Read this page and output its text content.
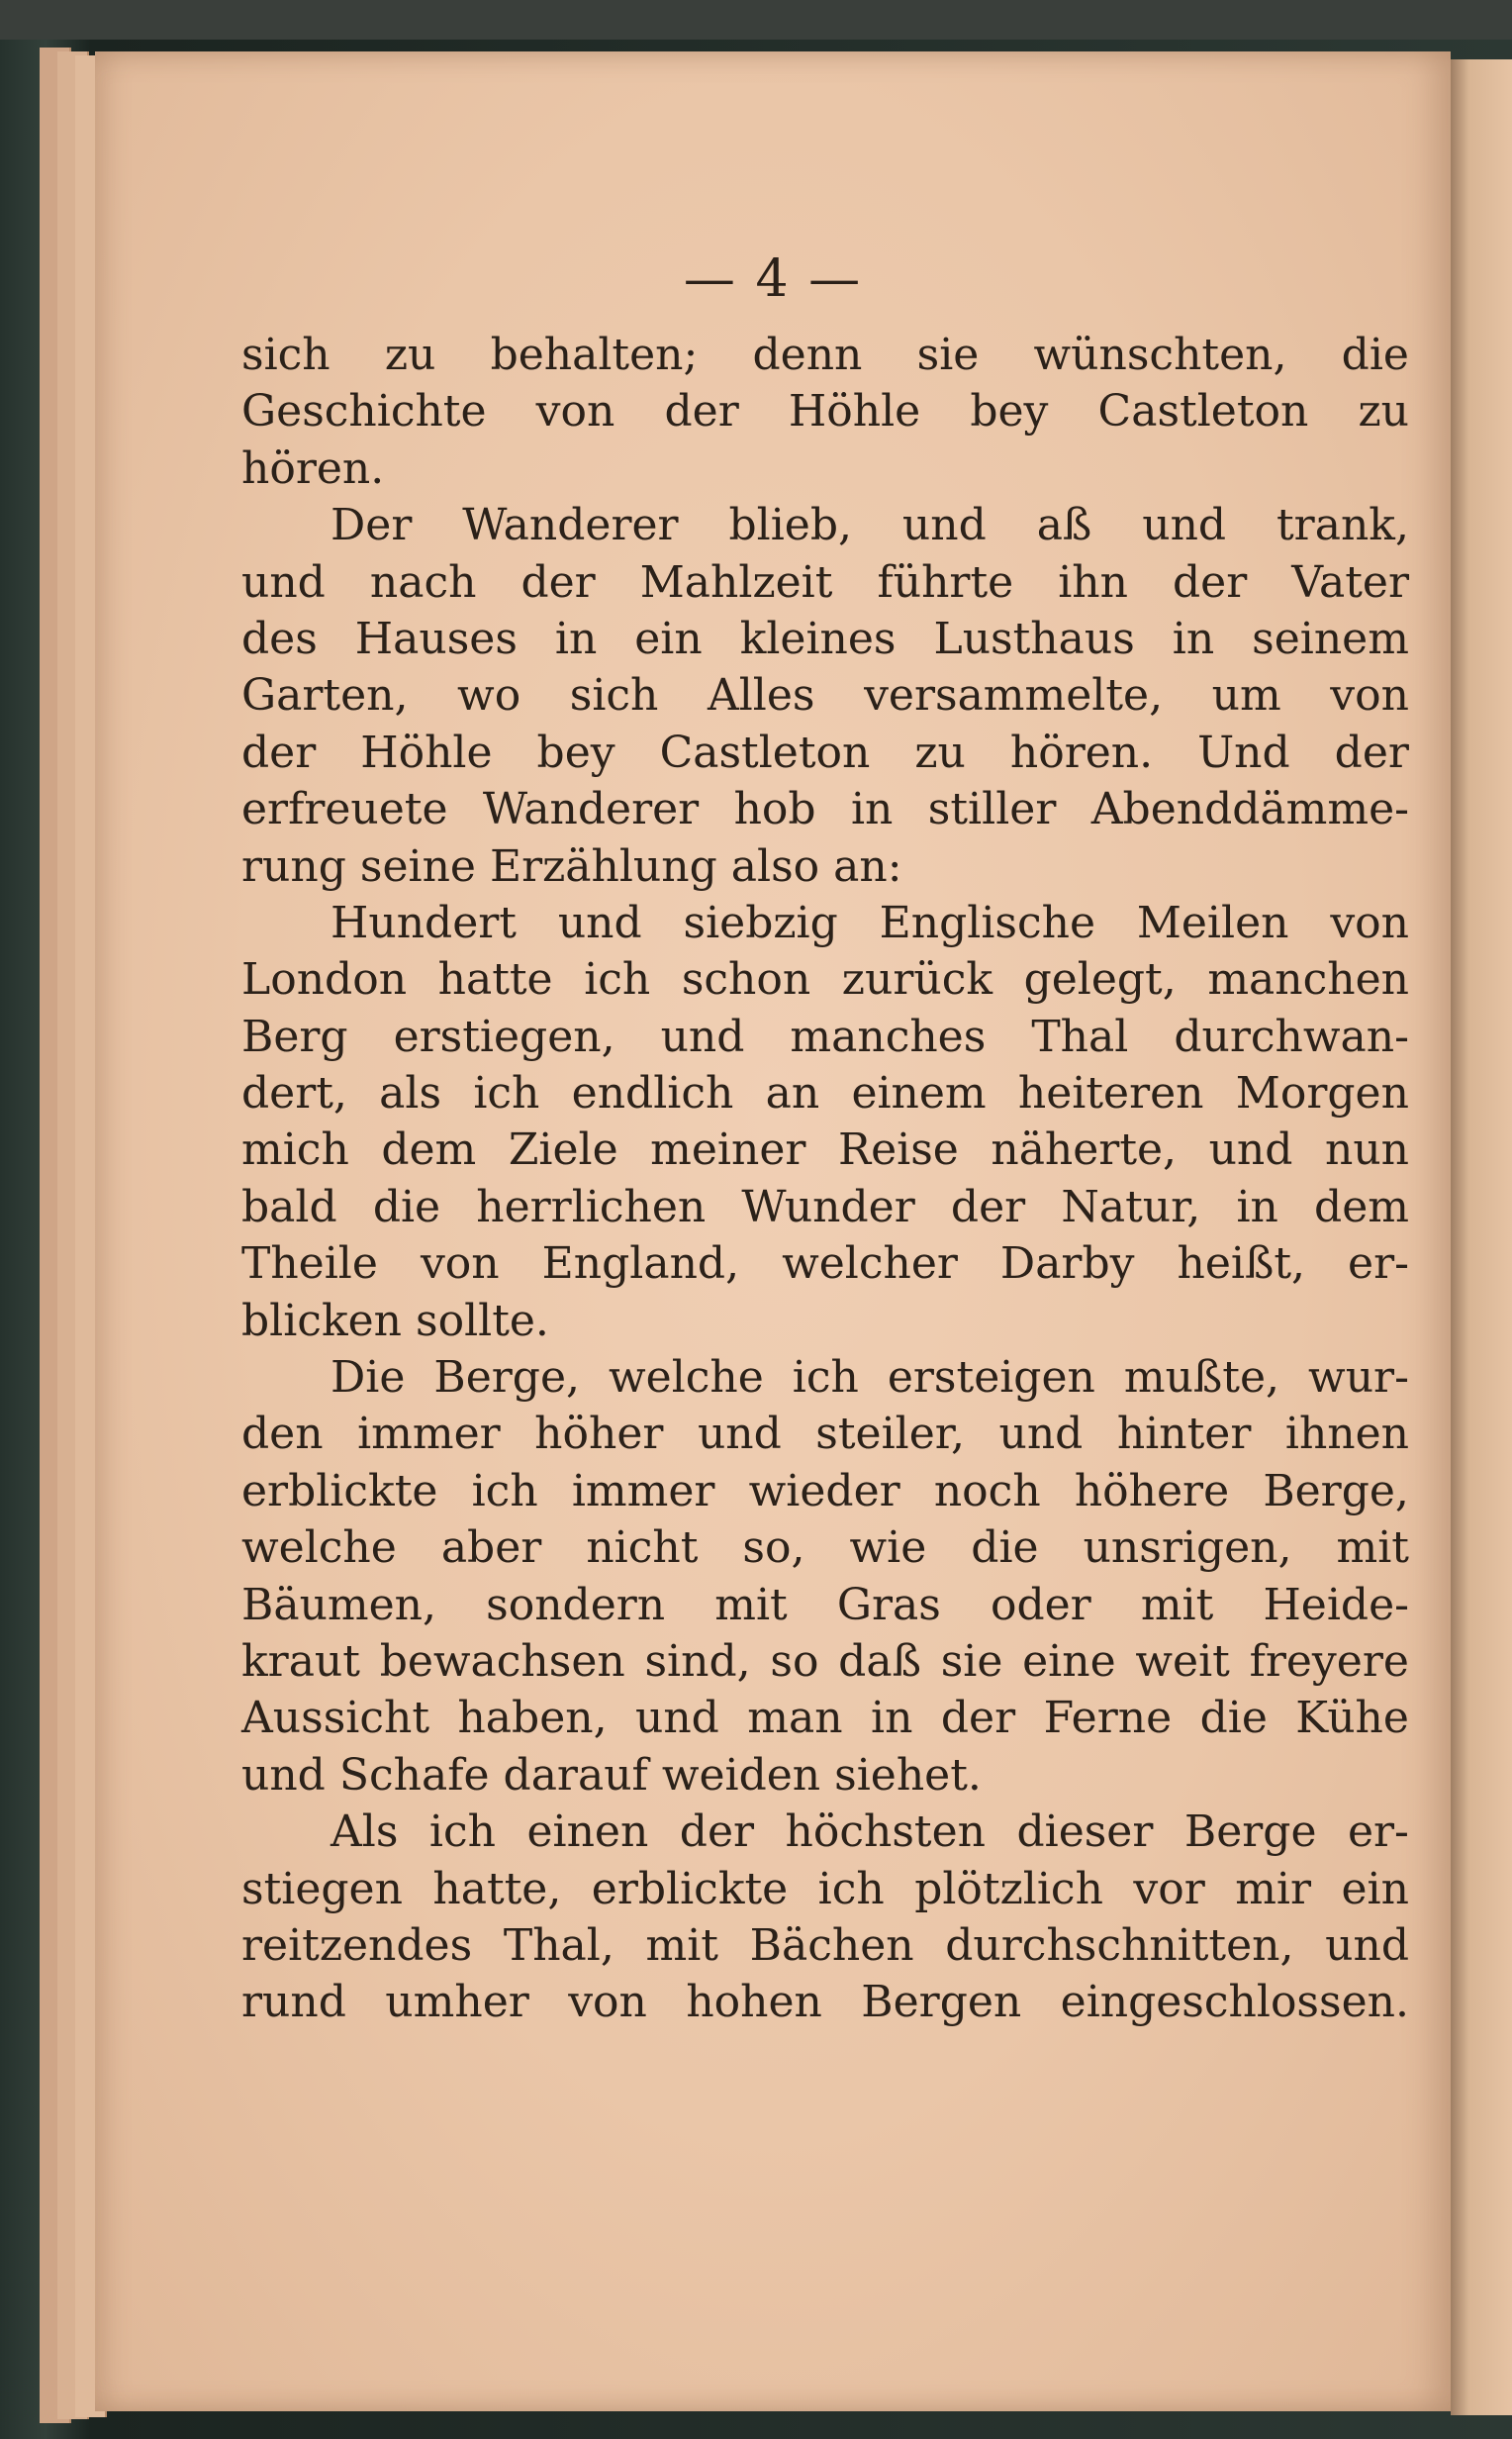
— 4 —
sich zu behalten; denn sie wünschten, die
Geschichte von der Höhle bey Castleton zu
hören.
Der Wanderer blieb, und aß und trank,
und nach der Mahlzeit führte ihn der Vater
des Hauses in ein kleines Lusthaus in seinem
Garten, wo sich Alles versammelte, um von
der Höhle bey Castleton zu hören. Und der
erfreuete Wanderer hob in stiller Abenddämme-
rung seine Erzählung also an:
Hundert und siebzig Englische Meilen von
London hatte ich schon zurück gelegt, manchen
Berg erstiegen, und manches Thal durchwan-
dert, als ich endlich an einem heiteren Morgen
mich dem Ziele meiner Reise näherte, und nun
bald die herrlichen Wunder der Natur, in dem
Theile von England, welcher Darby heißt, er-
blicken sollte.
Die Berge, welche ich ersteigen mußte, wur-
den immer höher und steiler, und hinter ihnen
erblickte ich immer wieder noch höhere Berge,
welche aber nicht so, wie die unsrigen, mit
Bäumen, sondern mit Gras oder mit Heide-
kraut bewachsen sind, so daß sie eine weit freyere
Aussicht haben, und man in der Ferne die Kühe
und Schafe darauf weiden siehet.
Als ich einen der höchsten dieser Berge er-
stiegen hatte, erblickte ich plötzlich vor mir ein
reitzendes Thal, mit Bächen durchschnitten, und
rund umher von hohen Bergen eingeschlossen.
